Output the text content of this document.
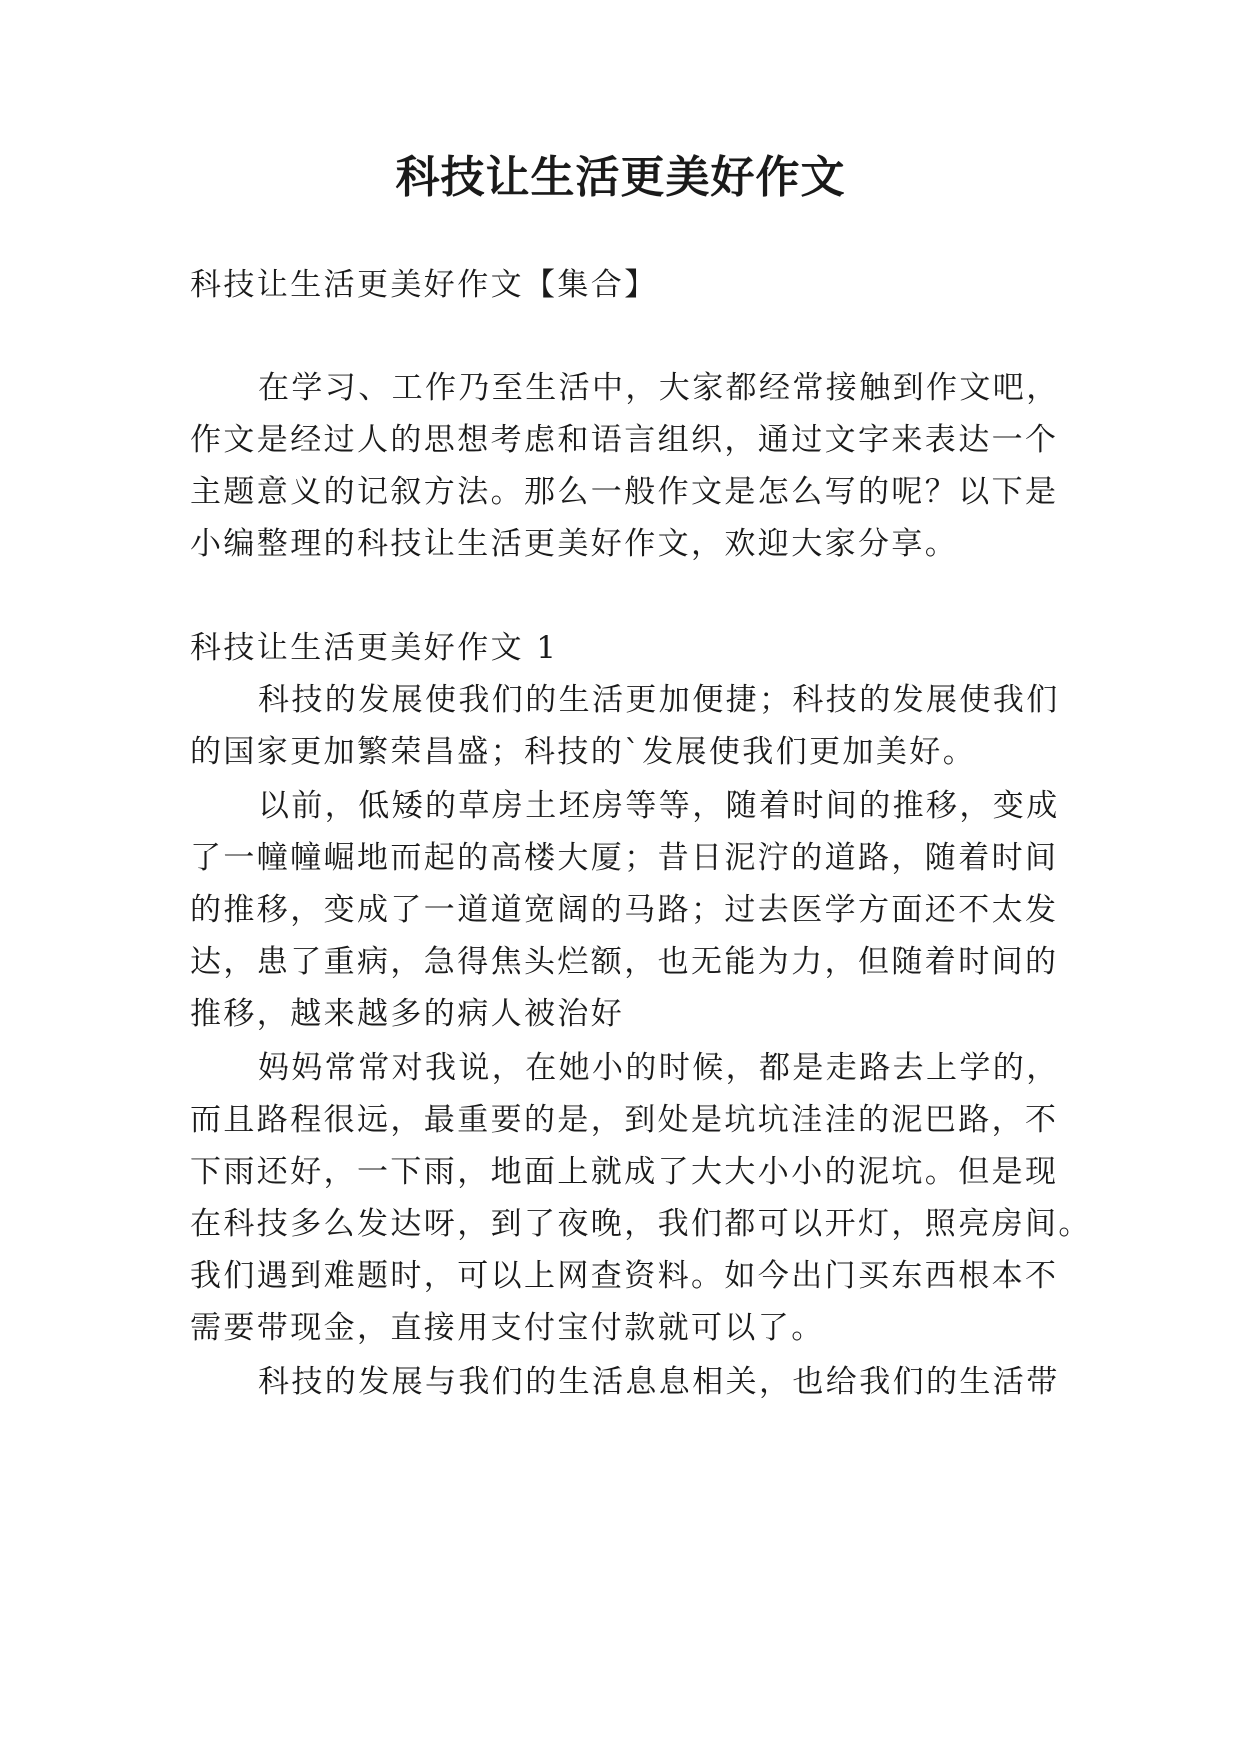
科技让生活更美好作文

科技让生活更美好作文【集合】

在学习、工作乃至生活中，大家都经常接触到作文吧，

作文是经过人的思想考虑和语言组织，通过文字来表达一个

主题意义的记叙方法。那么一般作文是怎么写的呢？以下是

小编整理的科技让生活更美好作文，欢迎大家分享。

科技让生活更美好作文 1

科技的发展使我们的生活更加便捷；科技的发展使我们

的国家更加繁荣昌盛；科技的`发展使我们更加美好。

以前，低矮的草房土坯房等等，随着时间的推移，变成

了一幢幢崛地而起的高楼大厦；昔日泥泞的道路，随着时间

的推移，变成了一道道宽阔的马路；过去医学方面还不太发

达，患了重病，急得焦头烂额，也无能为力，但随着时间的

推移，越来越多的病人被治好

妈妈常常对我说，在她小的时候，都是走路去上学的，

而且路程很远，最重要的是，到处是坑坑洼洼的泥巴路，不

下雨还好，一下雨，地面上就成了大大小小的泥坑。但是现

在科技多么发达呀，到了夜晚，我们都可以开灯，照亮房间。

我们遇到难题时，可以上网查资料。如今出门买东西根本不

需要带现金，直接用支付宝付款就可以了。

科技的发展与我们的生活息息相关，也给我们的生活带
